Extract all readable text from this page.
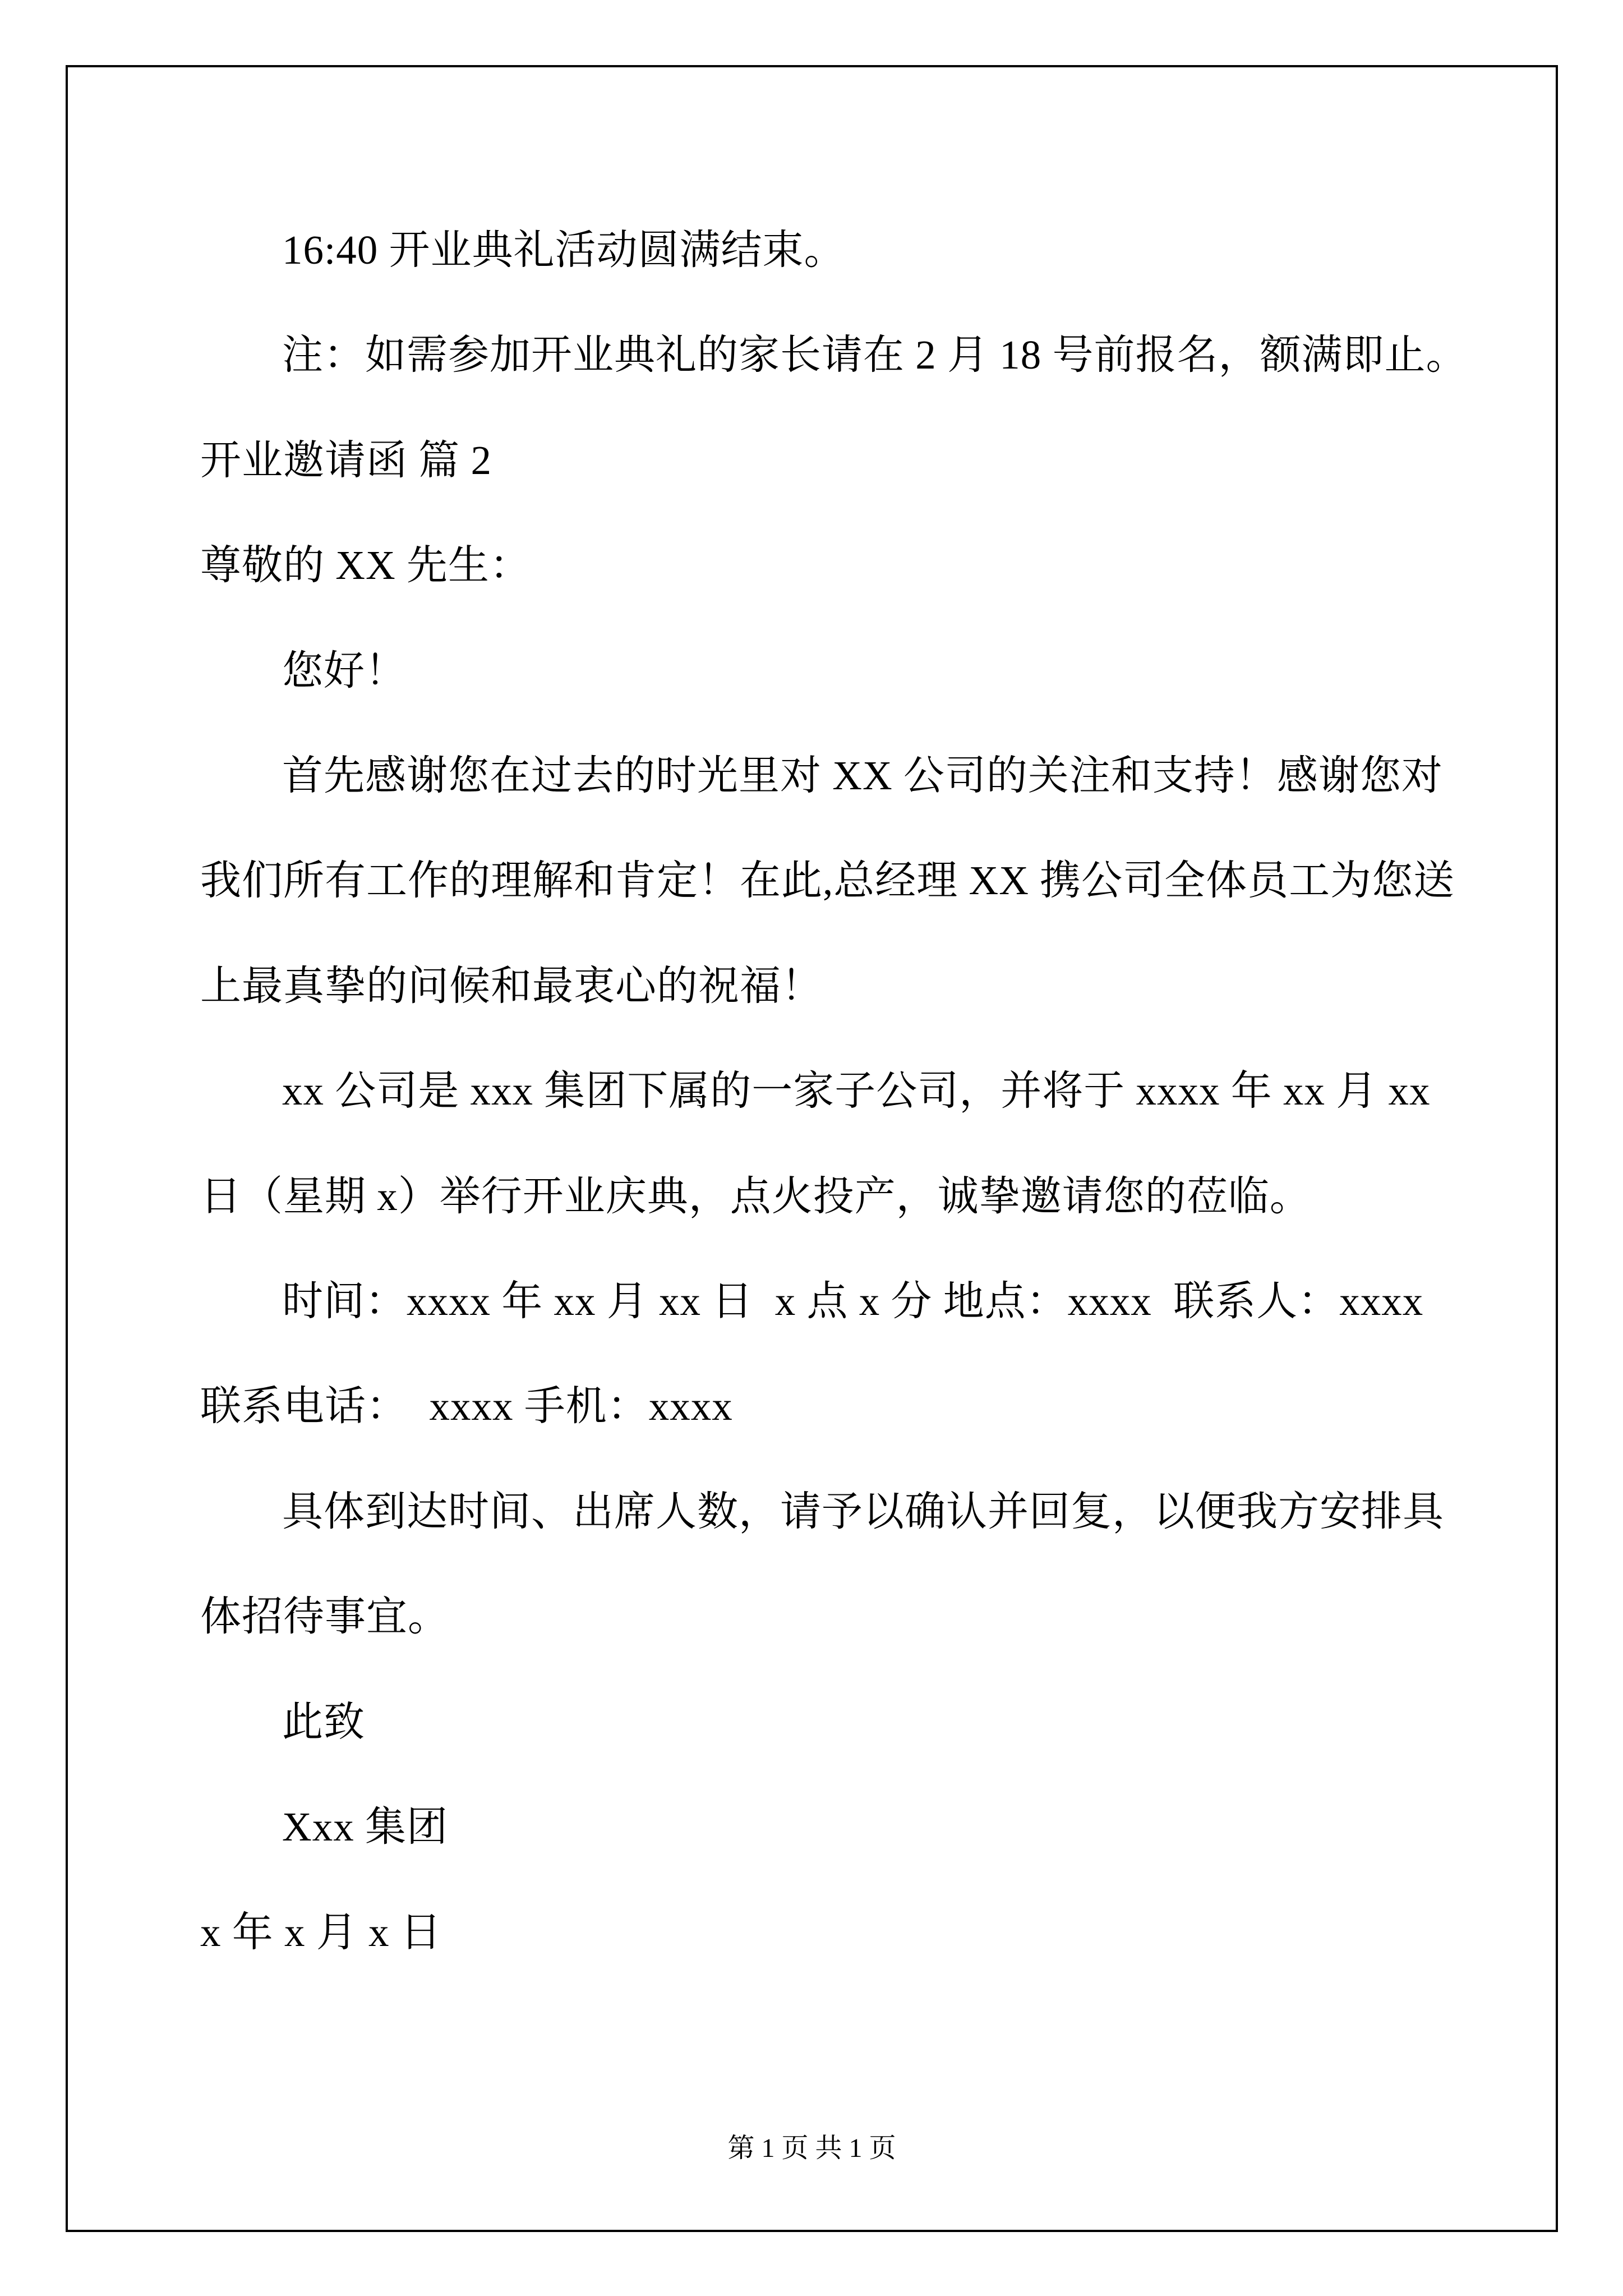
16:40 开业典礼活动圆满结束。
注：如需参加开业典礼的家长请在 2 月 18 号前报名，额满即止。
开业邀请函 篇 2
尊敬的 XX 先生：
您好！
首先感谢您在过去的时光里对 XX 公司的关注和支持！感谢您对
我们所有工作的理解和肯定！在此,总经理 XX 携公司全体员工为您送
上最真挚的问候和最衷心的祝福！
xx 公司是 xxx 集团下属的一家子公司，并将于 xxxx 年 xx 月 xx
日（星期 x）举行开业庆典，点火投产，诚挚邀请您的莅临。
时间：xxxx 年 xx 月 xx 日  x 点 x 分 地点：xxxx  联系人：xxxx
联系电话：  xxxx 手机：xxxx
具体到达时间、出席人数，请予以确认并回复，以便我方安排具
体招待事宜。
此致
Xxx 集团
x 年 x 月 x 日
第 1 页 共 1 页
